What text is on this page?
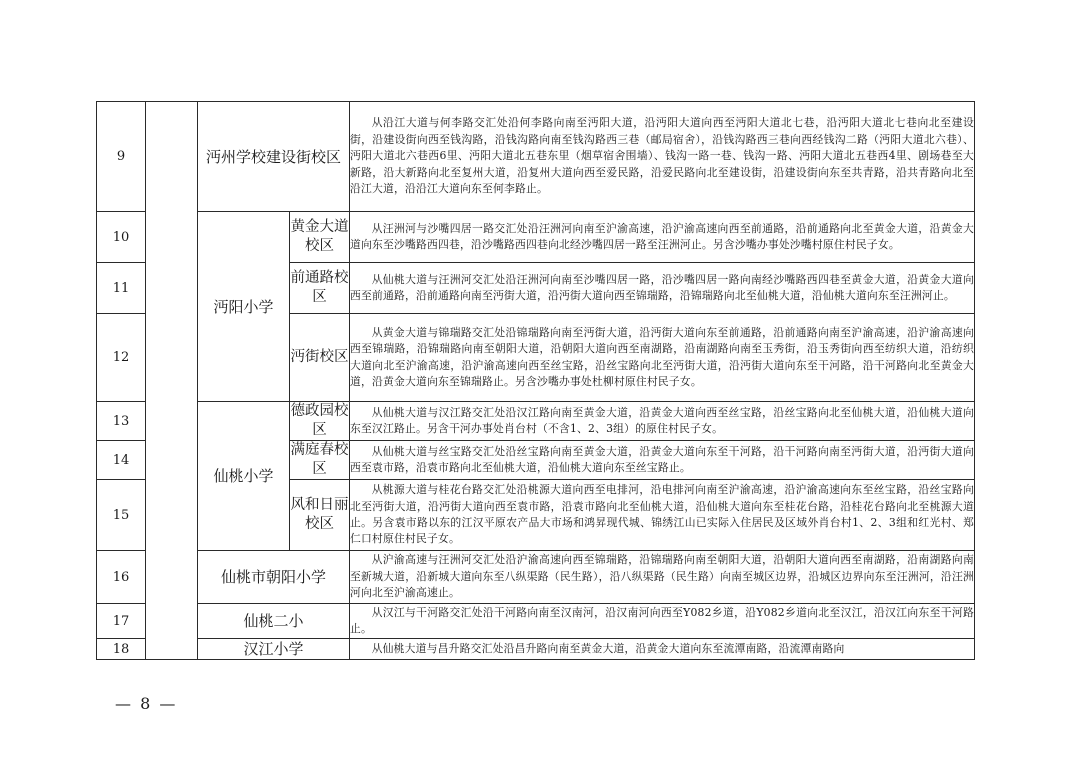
9		沔州学校建设街校区		从沿江大道与何李路交汇处沿何李路向南至沔阳大道，沿沔阳大道向西至沔阳大道北七巷，沿沔阳大道北七巷向北至建设街，沿建设街向西至钱沟路，沿钱沟路向南至钱沟路西三巷（邮局宿舍），沿钱沟路西三巷向西经钱沟二路（沔阳大道北六巷）、沔阳大道北六巷西6里、沔阳大道北五巷东里（烟草宿舍围墙）、钱沟一路一巷、钱沟一路、沔阳大道北五巷西4里、剧场巷至大新路，沿大新路向北至复州大道，沿复州大道向西至爱民路，沿爱民路向北至建设街，沿建设街向东至共青路，沿共青路向北至沿江大道，沿沿江大道向东至何李路止。
10		沔阳小学	黄金大道校区	从汪洲河与沙嘴四居一路交汇处沿汪洲河向南至沪渝高速，沿沪渝高速向西至前通路，沿前通路向北至黄金大道，沿黄金大道向东至沙嘴路西四巷，沿沙嘴路西四巷向北经沙嘴四居一路至汪洲河止。另含沙嘴办事处沙嘴村原住村民子女。
11			前通路校区	从仙桃大道与汪洲河交汇处沿汪洲河向南至沙嘴四居一路，沿沙嘴四居一路向南经沙嘴路西四巷至黄金大道，沿黄金大道向西至前通路，沿前通路向南至沔街大道，沿沔街大道向西至锦瑞路，沿锦瑞路向北至仙桃大道，沿仙桃大道向东至汪洲河止。
12			沔街校区	从黄金大道与锦瑞路交汇处沿锦瑞路向南至沔街大道，沿沔街大道向东至前通路，沿前通路向南至沪渝高速，沿沪渝高速向西至锦瑞路，沿锦瑞路向南至朝阳大道，沿朝阳大道向西至南湖路，沿南湖路向南至玉秀街，沿玉秀街向西至纺织大道，沿纺织大道向北至沪渝高速，沿沪渝高速向西至丝宝路，沿丝宝路向北至沔街大道，沿沔街大道向东至干河路，沿干河路向北至黄金大道，沿黄金大道向东至锦瑞路止。另含沙嘴办事处杜柳村原住村民子女。
13		仙桃小学	德政园校区	从仙桃大道与汉江路交汇处沿汉江路向南至黄金大道，沿黄金大道向西至丝宝路，沿丝宝路向北至仙桃大道，沿仙桃大道向东至汉江路止。另含干河办事处肖台村（不含1、2、3组）的原住村民子女。
14			满庭春校区	从仙桃大道与丝宝路交汇处沿丝宝路向南至黄金大道，沿黄金大道向东至干河路，沿干河路向南至沔街大道，沿沔街大道向西至袁市路，沿袁市路向北至仙桃大道，沿仙桃大道向东至丝宝路止。
15			风和日丽校区	从桃源大道与桂花台路交汇处沿桃源大道向西至电排河，沿电排河向南至沪渝高速，沿沪渝高速向东至丝宝路，沿丝宝路向北至沔街大道，沿沔街大道向西至袁市路，沿袁市路向北至仙桃大道，沿仙桃大道向东至桂花台路，沿桂花台路向北至桃源大道止。另含袁市路以东的江汉平原农产品大市场和鸿昇现代城、锦绣江山已实际入住居民及区域外肖台村1、2、3组和红光村、郑仁口村原住村民子女。
16		仙桃市朝阳小学		从沪渝高速与汪洲河交汇处沿沪渝高速向西至锦瑞路，沿锦瑞路向南至朝阳大道，沿朝阳大道向西至南湖路，沿南湖路向南至新城大道，沿新城大道向东至八纵渠路（民生路），沿八纵渠路（民生路）向南至城区边界，沿城区边界向东至汪洲河，沿汪洲河向北至沪渝高速止。
17		仙桃二小		从汉江与干河路交汇处沿干河路向南至汉南河，沿汉南河向西至Y082乡道，沿Y082乡道向北至汉江，沿汉江向东至干河路止。
18		汉江小学		从仙桃大道与昌升路交汇处沿昌升路向南至黄金大道，沿黄金大道向东至流潭南路，沿流潭南路向
— 8 —
